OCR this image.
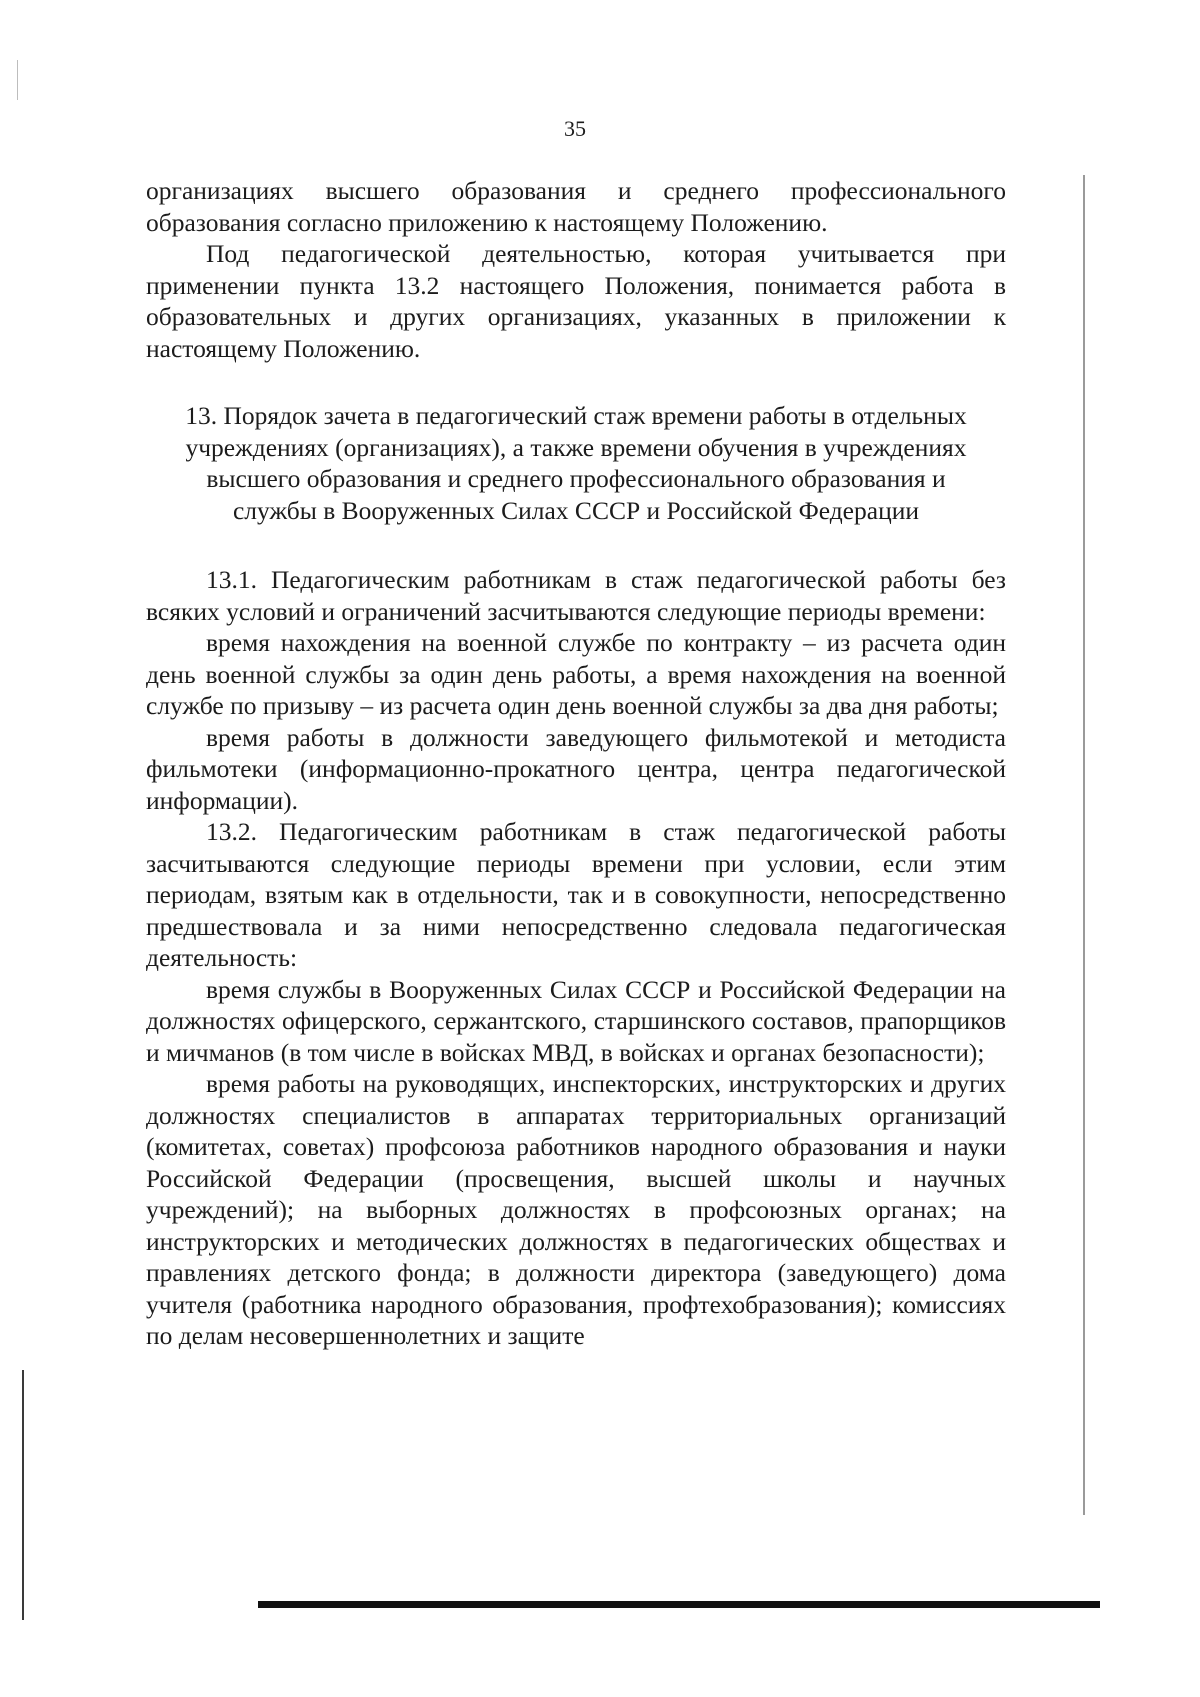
35

организациях высшего образования и среднего профессионального образования согласно приложению к настоящему Положению.

Под педагогической деятельностью, которая учитывается при применении пункта 13.2 настоящего Положения, понимается работа в образовательных и других организациях, указанных в приложении к настоящему Положению.

13. Порядок зачета в педагогический стаж времени работы в отдельных
учреждениях (организациях), а также времени обучения в учреждениях
высшего образования и среднего профессионального образования и
службы в Вооруженных Силах СССР и Российской Федерации

13.1. Педагогическим работникам в стаж педагогической работы без всяких условий и ограничений засчитываются следующие периоды времени:

время нахождения на военной службе по контракту – из расчета один день военной службы за один день работы, а время нахождения на военной службе по призыву – из расчета один день военной службы за два дня работы;

время работы в должности заведующего фильмотекой и методиста фильмотеки (информационно-прокатного центра, центра педагогической информации).

13.2. Педагогическим работникам в стаж педагогической работы засчитываются следующие периоды времени при условии, если этим периодам, взятым как в отдельности, так и в совокупности, непосредственно предшествовала и за ними непосредственно следовала педагогическая деятельность:

время службы в Вооруженных Силах СССР и Российской Федерации на должностях офицерского, сержантского, старшинского составов, прапорщиков и мичманов (в том числе в войсках МВД, в войсках и органах безопасности);

время работы на руководящих, инспекторских, инструкторских и других должностях специалистов в аппаратах территориальных организаций (комитетах, советах) профсоюза работников народного образования и науки Российской Федерации (просвещения, высшей школы и научных учреждений); на выборных должностях в профсоюзных органах; на инструкторских и методических должностях в педагогических обществах и правлениях детского фонда; в должности директора (заведующего) дома учителя (работника народного образования, профтехобразования); комиссиях по делам несовершеннолетних и защите
